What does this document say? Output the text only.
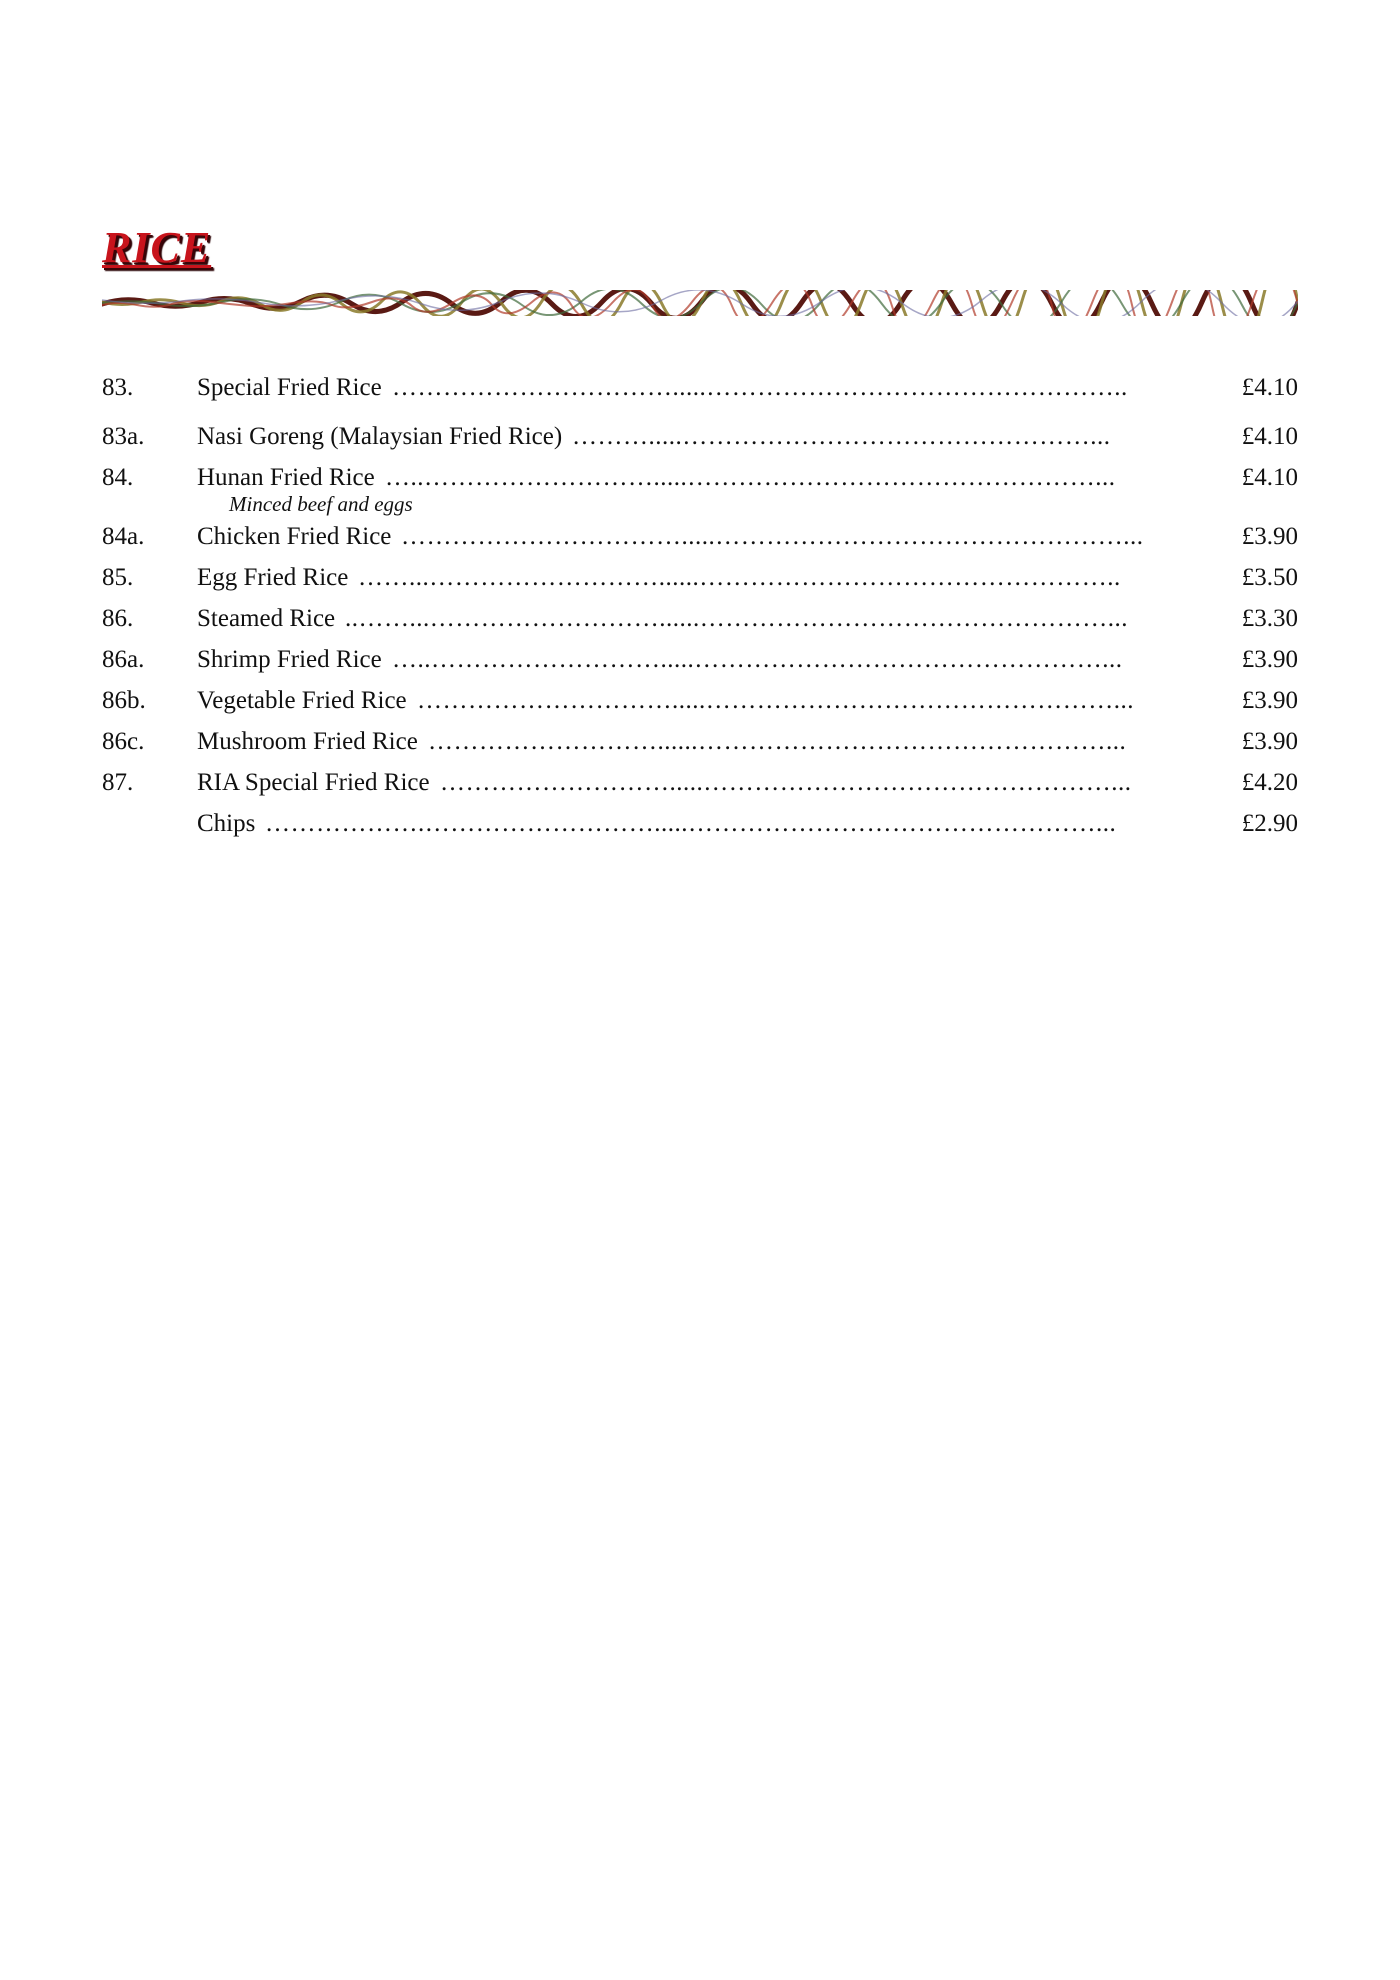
RICE
83.	Special Fried Rice …………………………….....…………………………………………..	£4.10
83a. Nasi Goreng (Malaysian Fried Rice) ……….....…………………………………………...	£4.10
84.	Hunan Fried Rice …..……………………….....…………………………………………...	£4.10
Minced beef and eggs
84a. Chicken Fried Rice …………………………….....…………………………………………...	£3.90
85.	Egg Fried Rice ……...………………………......…………………………………………..	£3.50
86.	Steamed Rice ..……...………………………......…………………………………………...	£3.30
86a. Shrimp Fried Rice …..……………………….....…………………………………………...	£3.90
86b. Vegetable Fried Rice ………………………….....…………………………………………...	£3.90
86c. Mushroom Fried Rice ………………………......…………………………………………...	£3.90
87.	RIA Special Fried Rice ……………………….....…………………………………………...	£4.20
Chips ……………….……………………….....…………………………………………...	£2.90
